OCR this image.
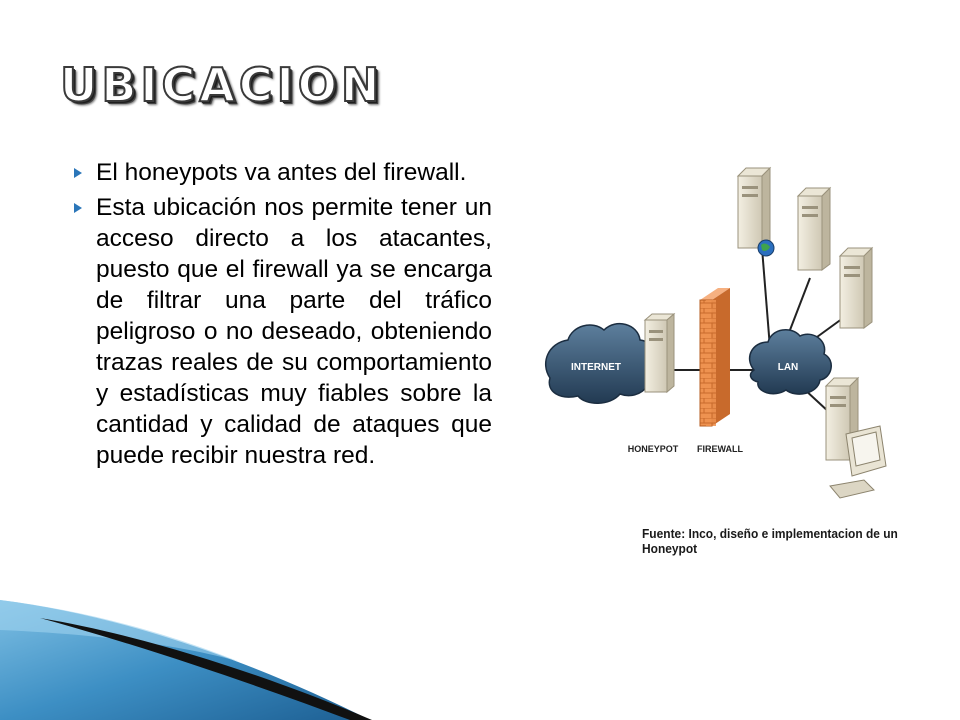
UBICACION
El honeypots va antes del firewall.
Esta ubicación nos permite tener un acceso directo a los atacantes, puesto que el firewall ya se encarga de filtrar una parte del tráfico peligroso o no deseado, obteniendo trazas reales de su comportamiento y estadísticas muy fiables sobre la cantidad y calidad de ataques que puede recibir nuestra red.
INTERNET
HONEYPOT FIREWALL
LAN
Fuente: Inco, diseño e implementacion de un Honeypot
